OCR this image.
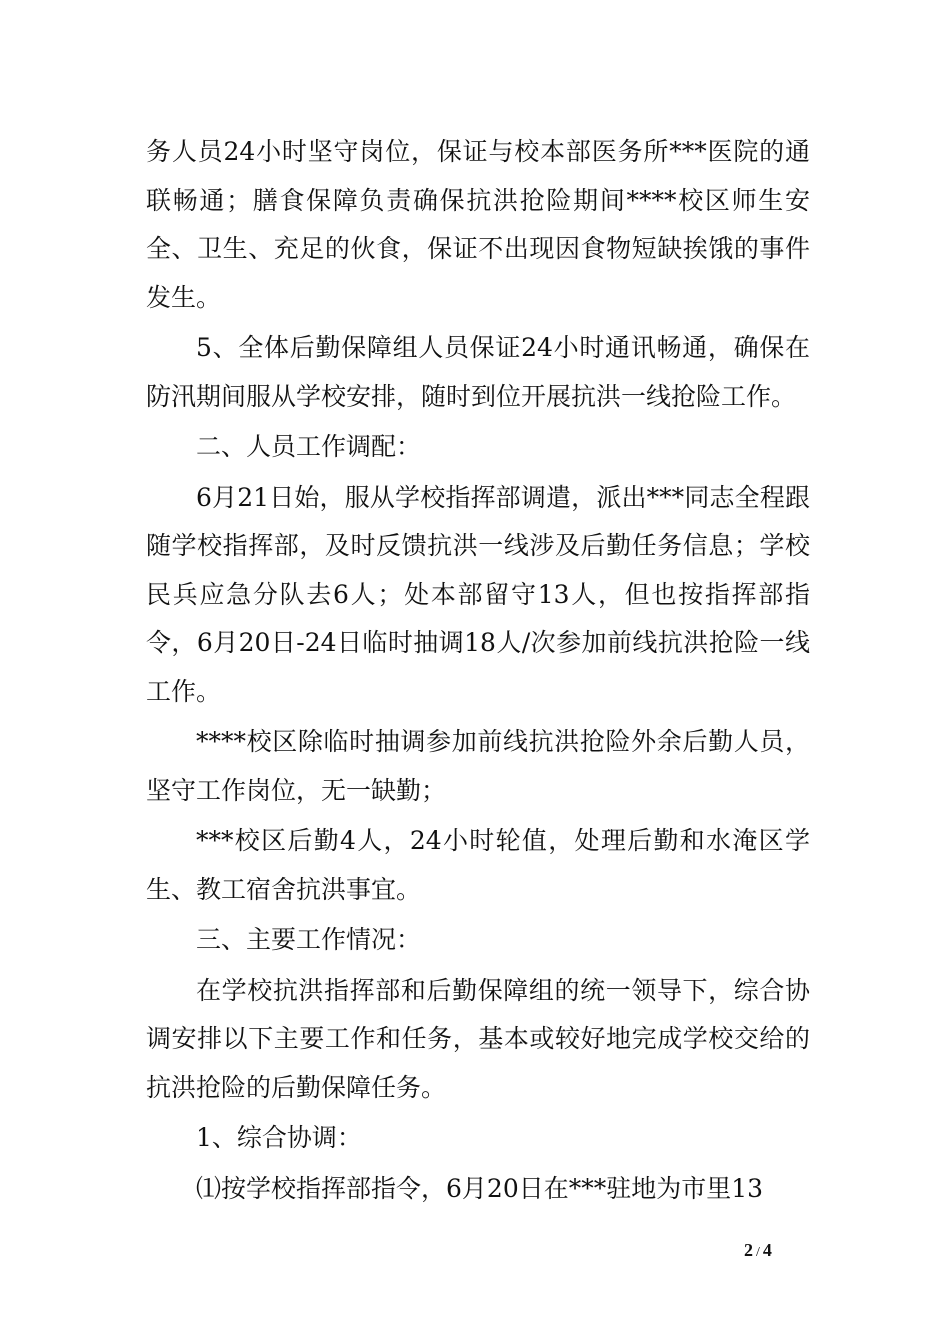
务人员24小时坚守岗位，保证与校本部医务所***医院的通联畅通；膳食保障负责确保抗洪抢险期间****校区师生安全、卫生、充足的伙食，保证不出现因食物短缺挨饿的事件发生。

5、全体后勤保障组人员保证24小时通讯畅通，确保在防汛期间服从学校安排，随时到位开展抗洪一线抢险工作。

二、人员工作调配：

6月21日始，服从学校指挥部调遣，派出***同志全程跟随学校指挥部，及时反馈抗洪一线涉及后勤任务信息；学校民兵应急分队去6人；处本部留守13人，但也按指挥部指令，6月20日-24日临时抽调18人/次参加前线抗洪抢险一线工作。

****校区除临时抽调参加前线抗洪抢险外余后勤人员，坚守工作岗位，无一缺勤；

***校区后勤4人，24小时轮值，处理后勤和水淹区学生、教工宿舍抗洪事宜。

三、主要工作情况：

在学校抗洪指挥部和后勤保障组的统一领导下，综合协调安排以下主要工作和任务，基本或较好地完成学校交给的抗洪抢险的后勤保障任务。

1、综合协调：

⑴按学校指挥部指令，6月20日在***驻地为市里13

2 / 4
